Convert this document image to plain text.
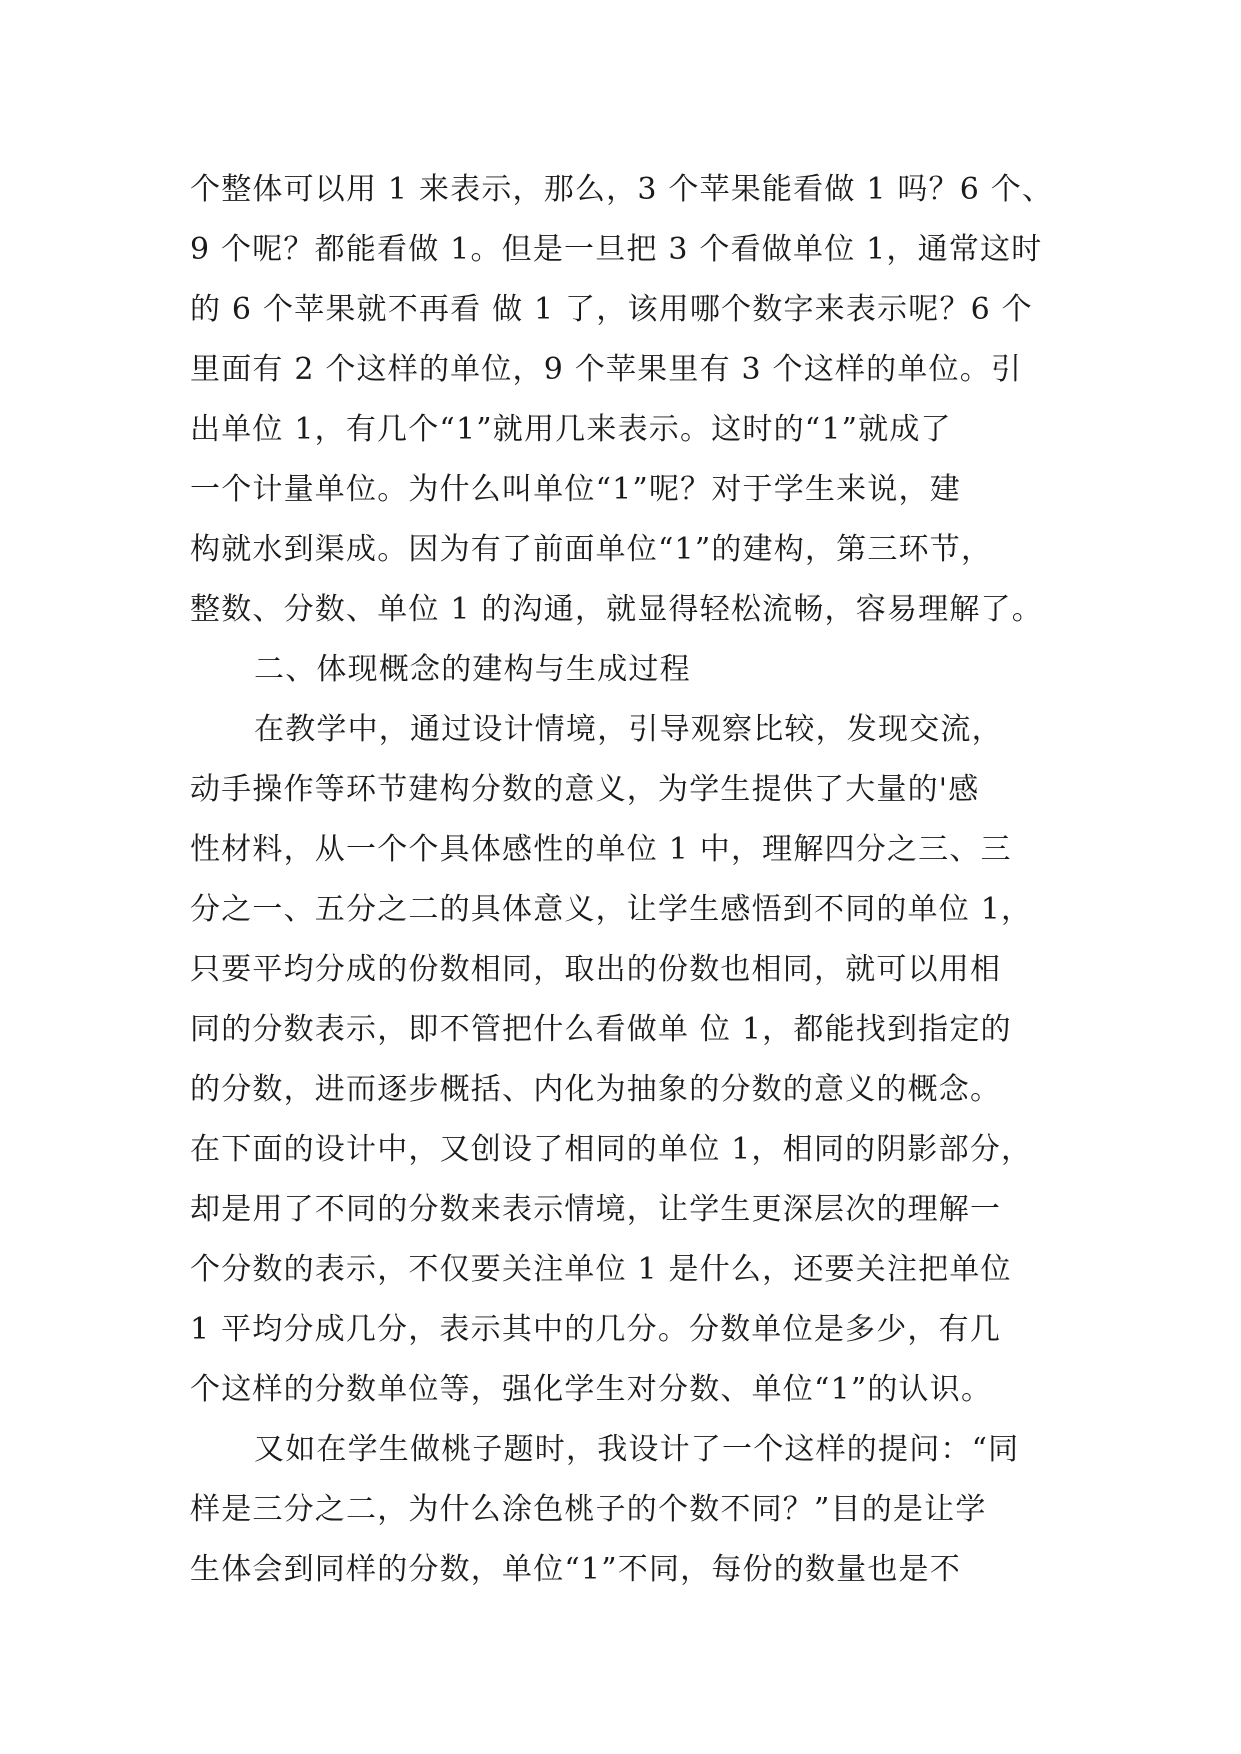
个整体可以用 1 来表示，那么，3 个苹果能看做 1 吗？6 个、
9 个呢？都能看做 1。但是一旦把 3 个看做单位 1，通常这时
的 6 个苹果就不再看 做 1 了，该用哪个数字来表示呢？6 个
里面有 2 个这样的单位，9 个苹果里有 3 个这样的单位。引
出单位 1，有几个“1”就用几来表示。这时的“1”就成了
一个计量单位。为什么叫单位“1”呢？对于学生来说，建
构就水到渠成。因为有了前面单位“1”的建构，第三环节，
整数、分数、单位 1 的沟通，就显得轻松流畅，容易理解了。
二、体现概念的建构与生成过程
在教学中，通过设计情境，引导观察比较，发现交流，
动手操作等环节建构分数的意义，为学生提供了大量的'感
性材料，从一个个具体感性的单位 1 中，理解四分之三、三
分之一、五分之二的具体意义，让学生感悟到不同的单位 1，
只要平均分成的份数相同，取出的份数也相同，就可以用相
同的分数表示，即不管把什么看做单 位 1，都能找到指定的
的分数，进而逐步概括、内化为抽象的分数的意义的概念。
在下面的设计中，又创设了相同的单位 1，相同的阴影部分，
却是用了不同的分数来表示情境，让学生更深层次的理解一
个分数的表示，不仅要关注单位 1 是什么，还要关注把单位
1 平均分成几分，表示其中的几分。分数单位是多少，有几
个这样的分数单位等，强化学生对分数、单位“1”的认识。
又如在学生做桃子题时，我设计了一个这样的提问：“同
样是三分之二，为什么涂色桃子的个数不同？”目的是让学
生体会到同样的分数，单位“1”不同，每份的数量也是不
